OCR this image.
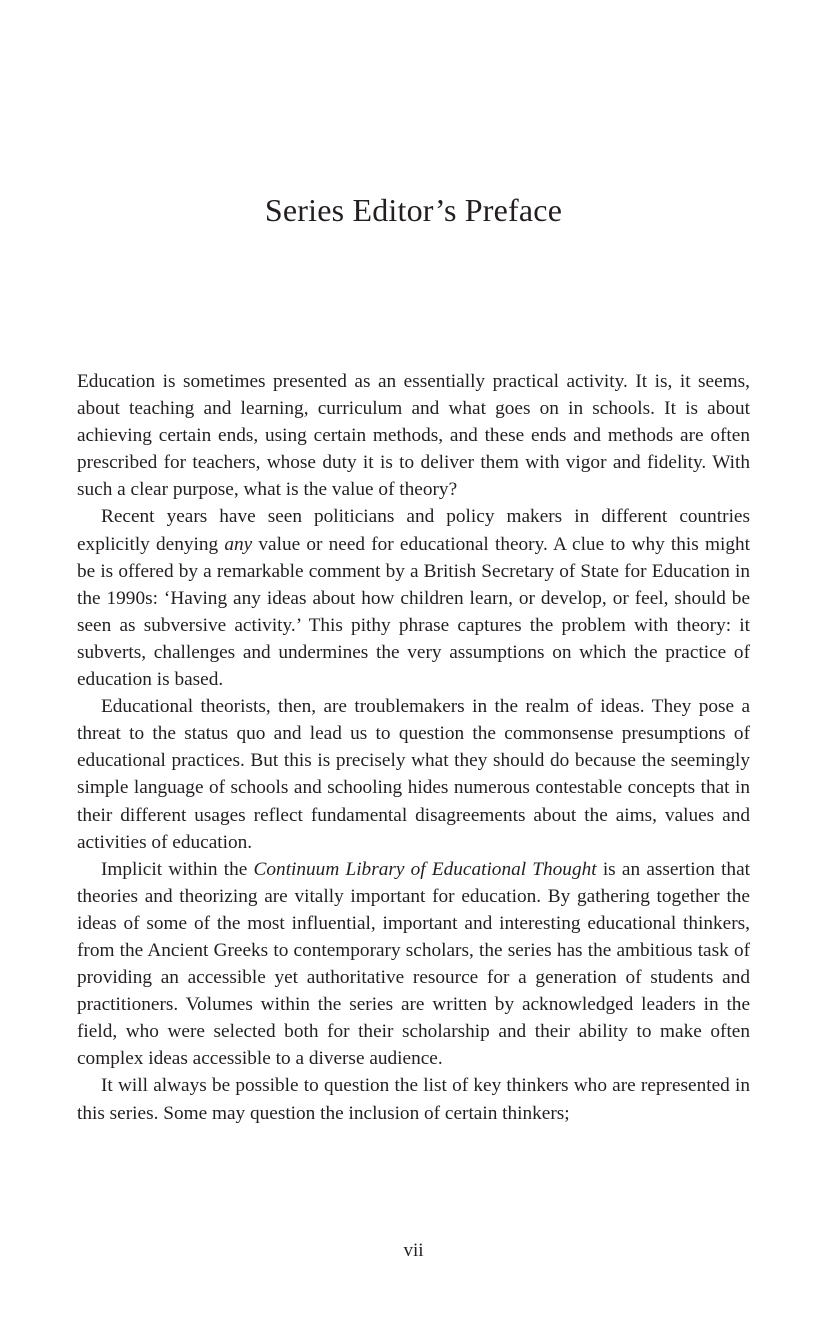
Series Editor’s Preface

Education is sometimes presented as an essentially practical activity. It is, it seems, about teaching and learning, curriculum and what goes on in schools. It is about achieving certain ends, using certain methods, and these ends and methods are often prescribed for teachers, whose duty it is to deliver them with vigor and fidelity. With such a clear purpose, what is the value of theory?

Recent years have seen politicians and policy makers in different countries explicitly denying any value or need for educational theory. A clue to why this might be is offered by a remarkable comment by a British Secretary of State for Education in the 1990s: ‘Having any ideas about how children learn, or develop, or feel, should be seen as subversive activity.’ This pithy phrase captures the problem with theory: it subverts, challenges and undermines the very assumptions on which the practice of education is based.

Educational theorists, then, are troublemakers in the realm of ideas. They pose a threat to the status quo and lead us to question the commonsense presumptions of educational practices. But this is precisely what they should do because the seemingly simple language of schools and schooling hides numerous contestable concepts that in their different usages reflect fundamental disagreements about the aims, values and activities of education.

Implicit within the Continuum Library of Educational Thought is an assertion that theories and theorizing are vitally important for education. By gathering together the ideas of some of the most influential, important and interesting educational thinkers, from the Ancient Greeks to contemporary scholars, the series has the ambitious task of providing an accessible yet authoritative resource for a generation of students and practitioners. Volumes within the series are written by acknowledged leaders in the field, who were selected both for their scholarship and their ability to make often complex ideas accessible to a diverse audience.

It will always be possible to question the list of key thinkers who are represented in this series. Some may question the inclusion of certain thinkers;

vii
